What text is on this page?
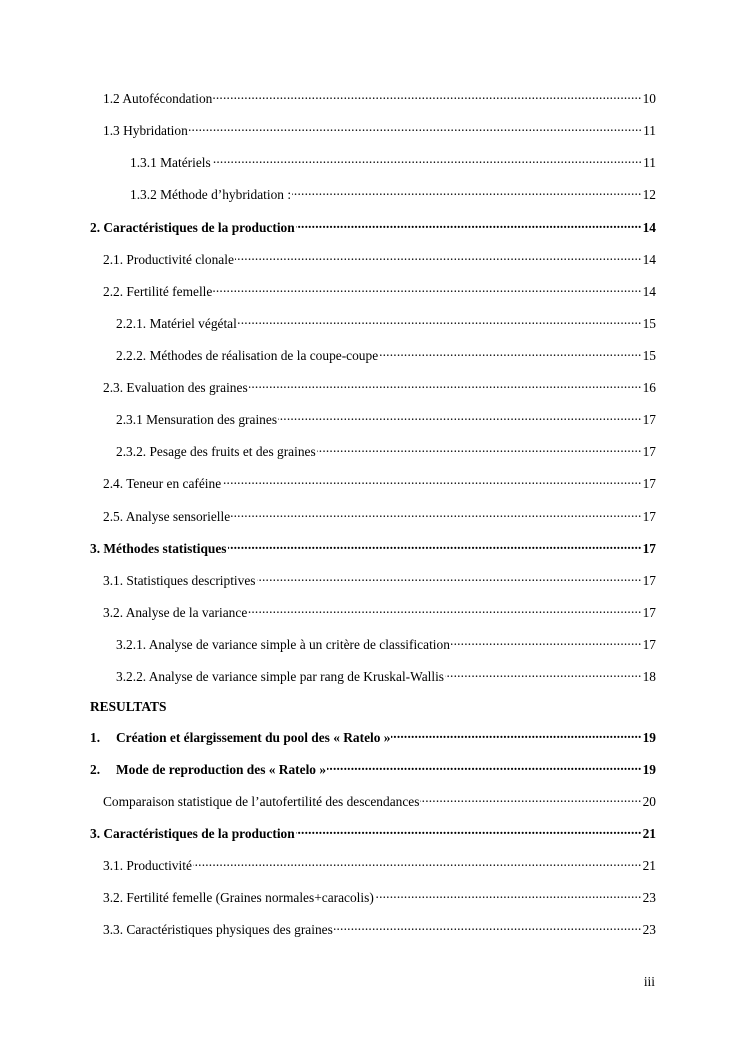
1.2 Autofécondation .....	10
1.3 Hybridation .....	11
1.3.1 Matériels .....	11
1.3.2 Méthode d’hybridation : .....	12
2. Caractéristiques de la production .....	14
2.1. Productivité clonale .....	14
2.2. Fertilité femelle .....	14
2.2.1. Matériel végétal .....	15
2.2.2. Méthodes de réalisation de la coupe-coupe .....	15
2.3. Evaluation des graines .....	16
2.3.1 Mensuration des graines .....	17
2.3.2. Pesage des fruits et des graines .....	17
2.4. Teneur en caféine .....	17
2.5. Analyse sensorielle .....	17
3. Méthodes statistiques .....	17
3.1. Statistiques descriptives .....	17
3.2. Analyse de la variance .....	17
3.2.1. Analyse de variance simple à un critère de classification .....	17
3.2.2. Analyse de variance simple par rang de Kruskal-Wallis .....	18
RESULTATS
1.	Création et élargissement du pool des « Ratelo » .....	19
2.	Mode de reproduction des « Ratelo » .....	19
Comparaison statistique de l’autofertilité des descendances .....	20
3. Caractéristiques de la production .....	21
3.1. Productivité .....	21
3.2. Fertilité femelle (Graines normales+caracolis) .....	23
3.3. Caractéristiques physiques des graines .....	23
iii
